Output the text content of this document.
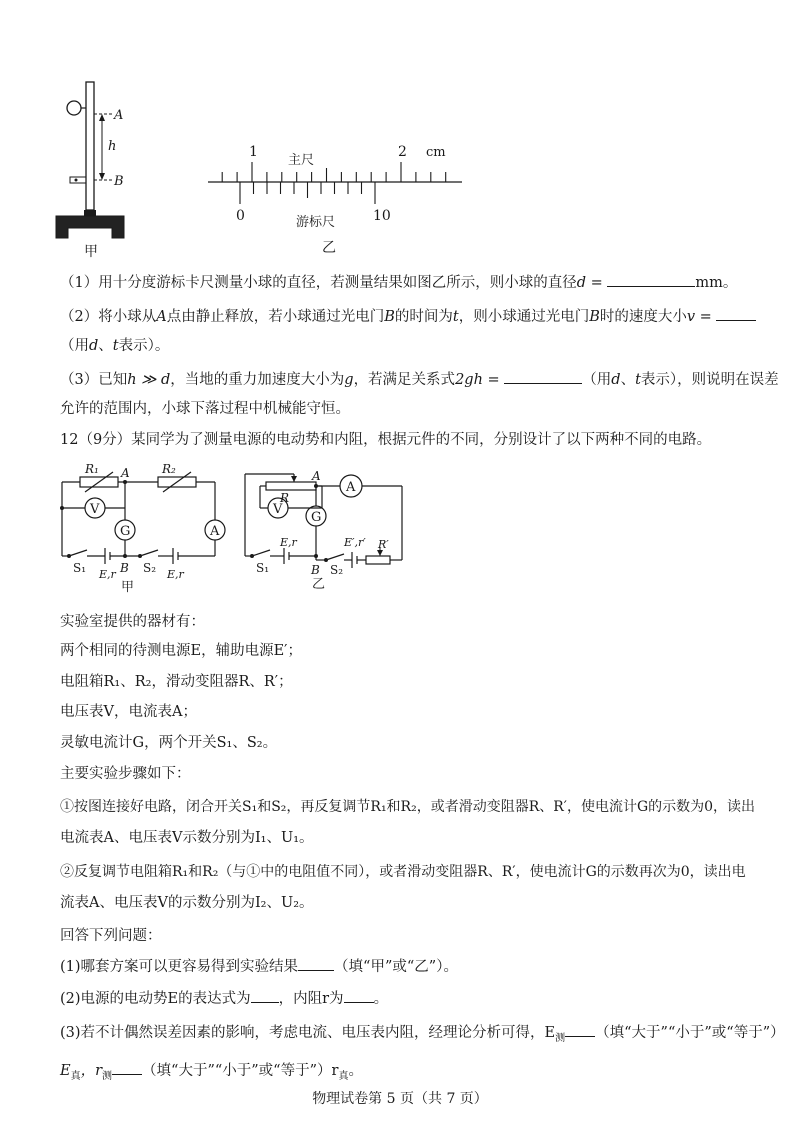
A
B
h
甲
主尺
1	2 cm
0	10
游标尺
乙
（1）用十分度游标卡尺测量小球的直径，若测量结果如图乙所示，则小球的直径d =	mm。
（2）将小球从A点由静止释放，若小球通过光电门B的时间为t，则小球通过光电门B时的速度大小v =
（用d、t表示）。
（3）已知h ≫ d，当地的重力加速度大小为g，若满足关系式2gh =	（用d、t表示），则说明在误差
允许的范围内，小球下落过程中机械能守恒。
12（9分）某同学为了测量电源的电动势和内阻，根据元件的不同，分别设计了以下两种不同的电路。
R₁	R₂
A
V
G	A
S₁	S₂
B
E,r	E,r
甲
R
A
V
G
A
E,r	E′,r′ R′
S₁	S₂
B
乙
实验室提供的器材有：
两个相同的待测电源E，辅助电源E′；
电阻箱R₁、R₂，滑动变阻器R、R′；
电压表V，电流表A；
灵敏电流计G，两个开关S₁、S₂。
主要实验步骤如下：
①按图连接好电路，闭合开关S₁和S₂，再反复调节R₁和R₂，或者滑动变阻器R、R′，使电流计G的示数为0，读出
电流表A、电压表V示数分别为I₁、U₁。
②反复调节电阻箱R₁和R₂（与①中的电阻值不同），或者滑动变阻器R、R′，使电流计G的示数再次为0，读出电
流表A、电压表V的示数分别为I₂、U₂。
回答下列问题：
(1)哪套方案可以更容易得到实验结果 （填“甲”或“乙”）。
(2)电源的电动势E的表达式为 ，内阻r为 。
(3)若不计偶然误差因素的影响，考虑电流、电压表内阻，经理论分析可得，$E_测$ （填“大于”“小于”或“等于”）
$E_真$，$r_测$ （填“大于”“小于”或“等于$”)r_真$。
物理试卷第 5 页（共 7 页）
